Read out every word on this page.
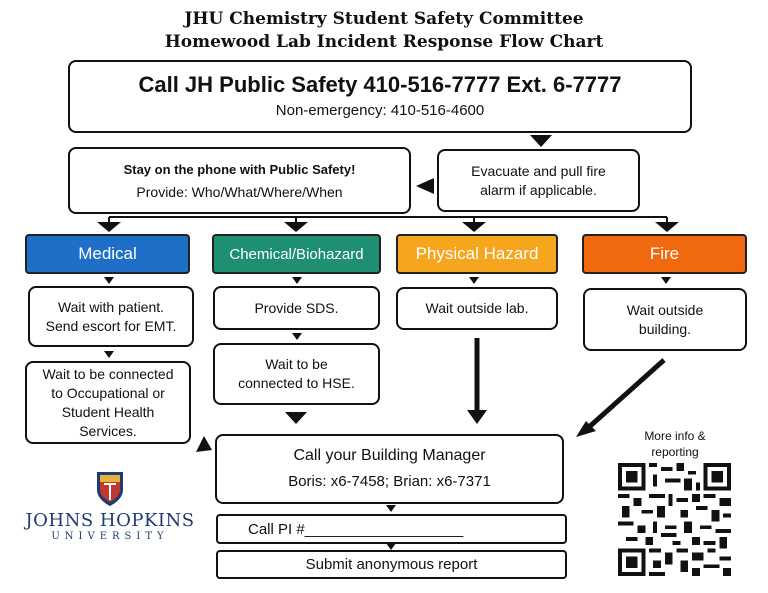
JHU Chemistry Student Safety Committee
Homewood Lab Incident Response Flow Chart
Call JH Public Safety 410-516-7777 Ext. 6-7777
Non-emergency: 410-516-4600
Stay on the phone with Public Safety!
Provide: Who/What/Where/When
Evacuate and pull fire
alarm if applicable.
Medical	Chemical/Biohazard	Physical Hazard	Fire
Wait with patient.
Send escort for EMT.
Wait to be connected
to Occupational or
Student Health
Services.
Provide SDS.
Wait to be
connected to HSE.
Wait outside lab.	Wait outside
building.
Call your Building Manager
Boris: x6-7458; Brian: x6-7371
Call PI #___________________
Submit anonymous report
JOHNS HOPKINS
UNIVERSITY
More info &
reporting
